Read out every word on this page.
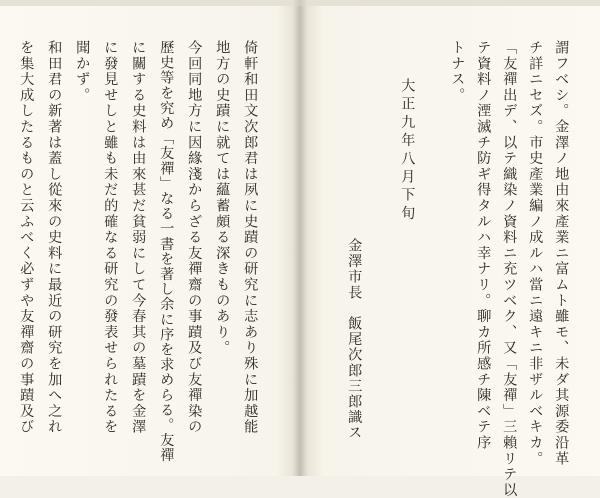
謂フベシ。金澤ノ地由來產業ニ富ムト雖モ、未ダ其源委沿革
チ詳ニセズ。市史產業編ノ成ルハ當ニ遠キニ非ザルベキカ。
「友禪出デ、以テ織染ノ資料ニ充ツベク、又「友禪」三賴リテ以
テ資料ノ湮滅チ防ギ得タルハ幸ナリ。聊カ所感チ陳ベテ序
トナス。
大正九年八月下旬
金澤市長　飯尾次郎三郎識ス
倚軒和田文次郎君は夙に史蹟の研究に志あり殊に加越能
地方の史蹟に就ては蘊蓄頗る深きものあり。
今回同地方に因緣淺からざる友禪齋の事蹟及び友禪染の
歷史等を究め「友禪」なる一書を著し余に序を求めらる。友禪
に關する史料は由來甚だ貧弱にして今春其の墓蹟を金澤
に發見せしと雖も未だ的確なる研究の發表せられたるを
聞かず。
和田君の新著は蓋し從來の史料に最近の研究を加へ之れ
を集大成したるものと云ふべく必ずや友禪齋の事蹟及び
